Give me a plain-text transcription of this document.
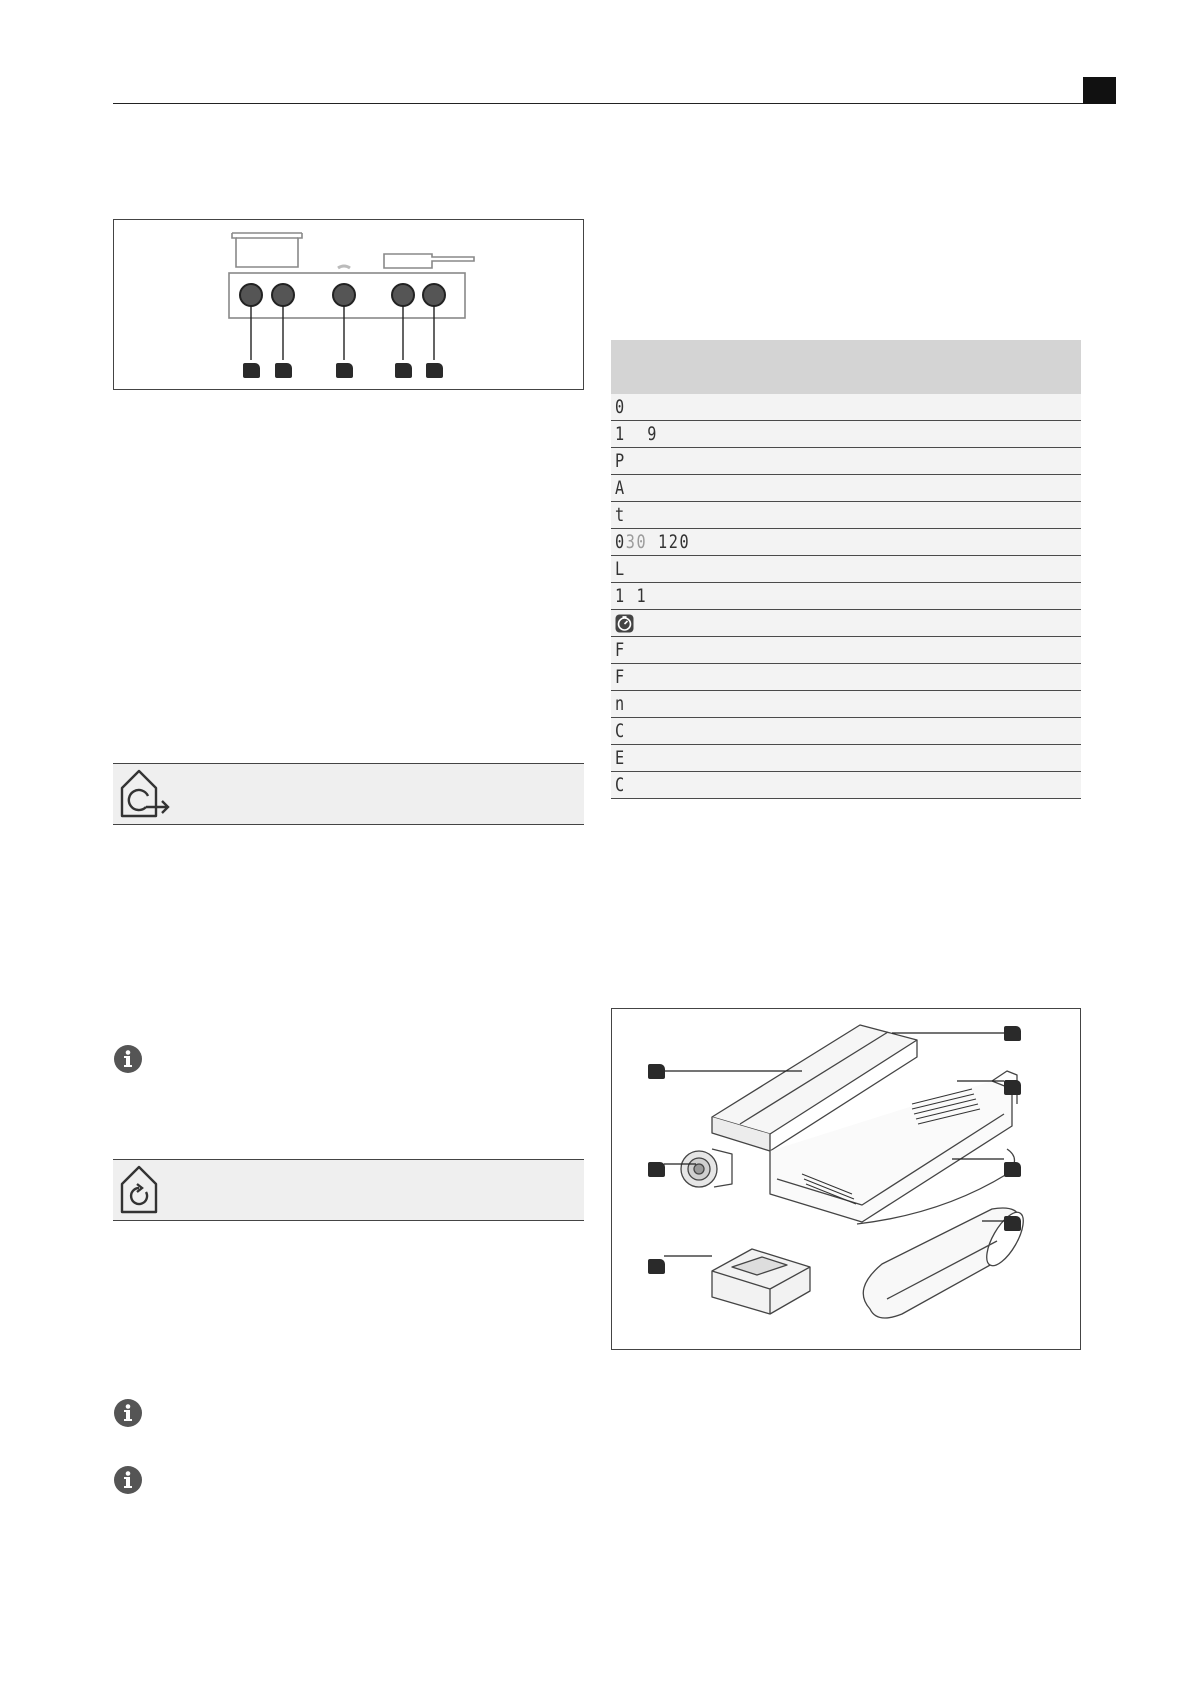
0
1  9
P
A
t
030 120
L
1 1
F
F
n
C
E
C
